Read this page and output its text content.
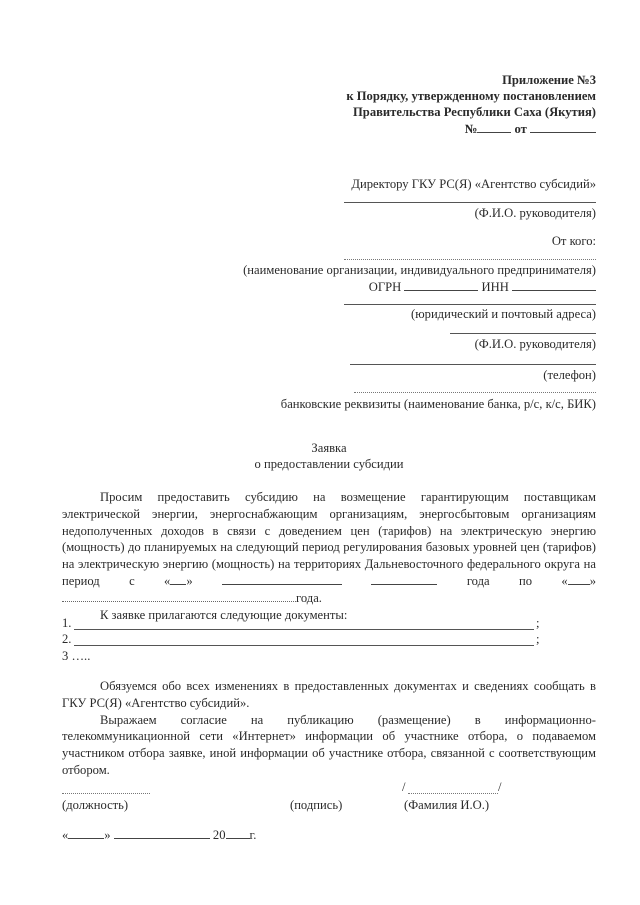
Приложение №3
к Порядку, утвержденному постановлением
Правительства Республики Саха (Якутия)
№	от
Директору ГКУ РС(Я) «Агентство субсидий»
(Ф.И.О. руководителя)
От кого:
(наименование организации, индивидуального предпринимателя)
ОГРН	ИНН
(юридический и почтовый адреса)
(Ф.И.О. руководителя)
(телефон)
банковские реквизиты (наименование банка, р/с, к/с, БИК)
Заявка
о предоставлении субсидии

Просим предоставить субсидию на возмещение гарантирующим поставщикам электрической энергии, энергоснабжающим организациям, энергосбытовым организациям недополученных доходов в связи с доведением цен (тарифов) на электрическую энергию (мощность) до планируемых на следующий период регулирования базовых уровней цен (тарифов) на электрическую энергию (мощность) на территориях Дальневосточного федерального округа на период с « »	года по « » года.

К заявке прилагаются следующие документы:

1.	;
2.	;
3 …..

Обязуемся обо всех изменениях в предоставленных документах и сведениях сообщать в ГКУ РС(Я) «Агентство субсидий».

Выражаем согласие на публикацию (размещение) в информационно-телекоммуникационной сети «Интернет» информации об участнике отбора, о подаваемом участником отбора заявке, иной информации об участнике отбора, связанной с соответствующим отбором.

(должность)	(подпись)
/	/
(Фамилия И.О.)
«	»	20 г.
